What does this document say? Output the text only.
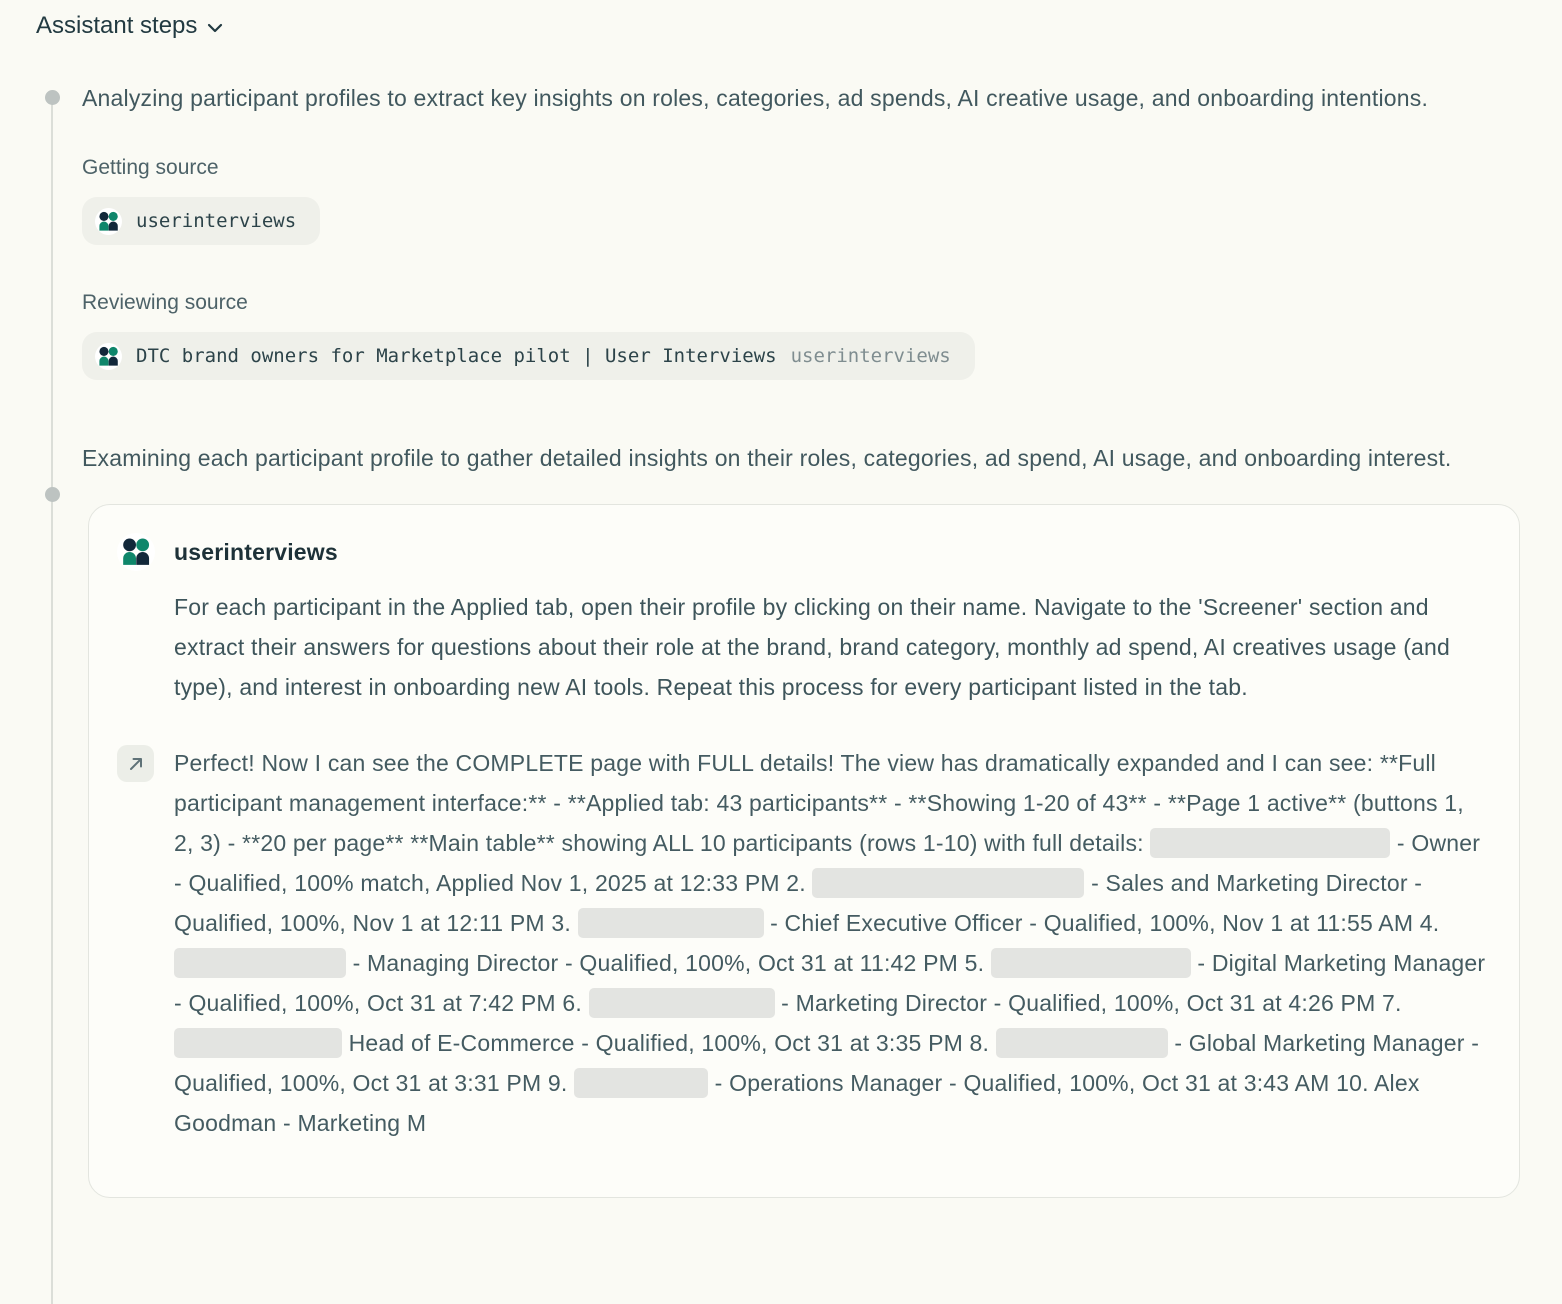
Assistant steps

Analyzing participant profiles to extract key insights on roles, categories, ad spends, AI creative usage, and onboarding intentions.

Getting source
userinterviews
Reviewing source
DTC brand owners for Marketplace pilot | User Interviews userinterviews

Examining each participant profile to gather detailed insights on their roles, categories, ad spend, AI usage, and onboarding interest.

userinterviews

For each participant in the Applied tab, open their profile by clicking on their name. Navigate to the 'Screener' section and extract their answers for questions about their role at the brand, brand category, monthly ad spend, AI creatives usage (and type), and interest in onboarding new AI tools. Repeat this process for every participant listed in the tab.

Perfect! Now I can see the COMPLETE page with FULL details! The view has dramatically expanded and I can see: **Full participant management interface:** - **Applied tab: 43 participants** - **Showing 1-20 of 43** - **Page 1 active** (buttons 1, 2, 3) - **20 per page** **Main table** showing ALL 10 participants (rows 1-10) with full details:	- Owner - Qualified, 100% match, Applied Nov 1, 2025 at 12:33 PM 2.	- Sales and Marketing Director - Qualified, 100%, Nov 1 at 12:11 PM 3.	- Chief Executive Officer - Qualified, 100%, Nov 1 at 11:55 AM 4.  - Managing Director - Qualified, 100%, Oct 31 at 11:42 PM 5.	- Digital Marketing Manager - Qualified, 100%, Oct 31 at 7:42 PM 6.	- Marketing Director - Qualified, 100%, Oct 31 at 4:26 PM 7.  Head of E-Commerce - Qualified, 100%, Oct 31 at 3:35 PM 8.	- Global Marketing Manager - Qualified, 100%, Oct 31 at 3:31 PM 9.	- Operations Manager - Qualified, 100%, Oct 31 at 3:43 AM 10. Alex Goodman - Marketing M
